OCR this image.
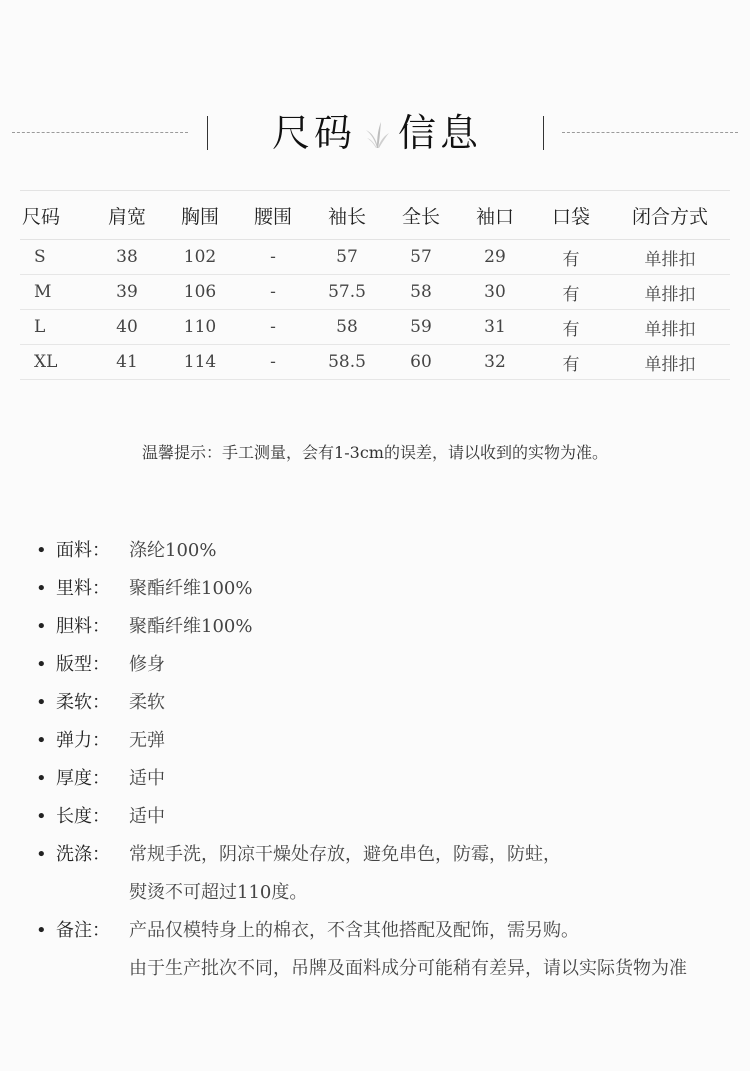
尺码 信息
尺码	肩宽	胸围	腰围	袖长	全长	袖口	口袋	闭合方式
S	38	102	-	57	57	29	有	单排扣
M	39	106	-	57.5	58	30	有	单排扣
L	40	110	-	58	59	31	有	单排扣
XL	41	114	-	58.5	60	32	有	单排扣
温馨提示：手工测量，会有1-3cm的误差，请以收到的实物为准。
• 面料： 涤纶100%
• 里料： 聚酯纤维100%
• 胆料： 聚酯纤维100%
• 版型： 修身
• 柔软： 柔软
• 弹力： 无弹
• 厚度： 适中
• 长度： 适中
• 洗涤： 常规手洗，阴凉干燥处存放，避免串色，防霉，防蛀，
熨烫不可超过110度。
• 备注： 产品仅模特身上的棉衣，不含其他搭配及配饰，需另购。
由于生产批次不同，吊牌及面料成分可能稍有差异，请以实际货物为准
